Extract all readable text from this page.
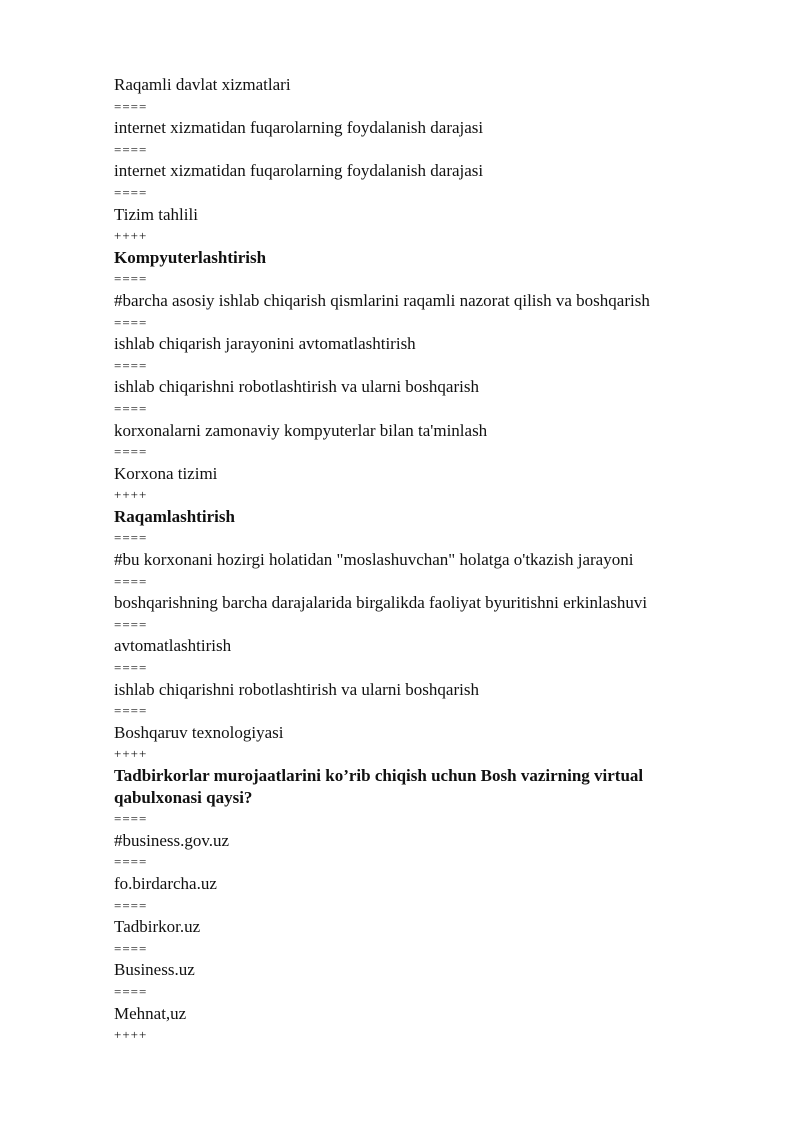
Raqamli davlat xizmatlari
====
internet xizmatidan fuqarolarning foydalanish darajasi
====
internet xizmatidan fuqarolarning foydalanish darajasi
====
Tizim tahlili
++++
Kompyuterlashtirish
====
#barcha asosiy ishlab chiqarish qismlarini raqamli nazorat qilish va boshqarish
====
ishlab chiqarish jarayonini avtomatlashtirish
====
ishlab chiqarishni robotlashtirish va ularni boshqarish
====
korxonalarni zamonaviy kompyuterlar bilan ta'minlash
====
Korxona tizimi
++++
Raqamlashtirish
====
#bu korxonani hozirgi holatidan "moslashuvchan" holatga o'tkazish jarayoni
====
boshqarishning barcha darajalarida birgalikda faoliyat byuritishni erkinlashuvi
====
avtomatlashtirish
====
ishlab chiqarishni robotlashtirish va ularni boshqarish
====
Boshqaruv texnologiyasi
++++
Tadbirkorlar murojaatlarini ko’rib chiqish uchun Bosh vazirning virtual qabulxonasi qaysi?
====
#business.gov.uz
====
fo.birdarcha.uz
====
Tadbirkor.uz
====
Business.uz
====
Mehnat,uz
++++
